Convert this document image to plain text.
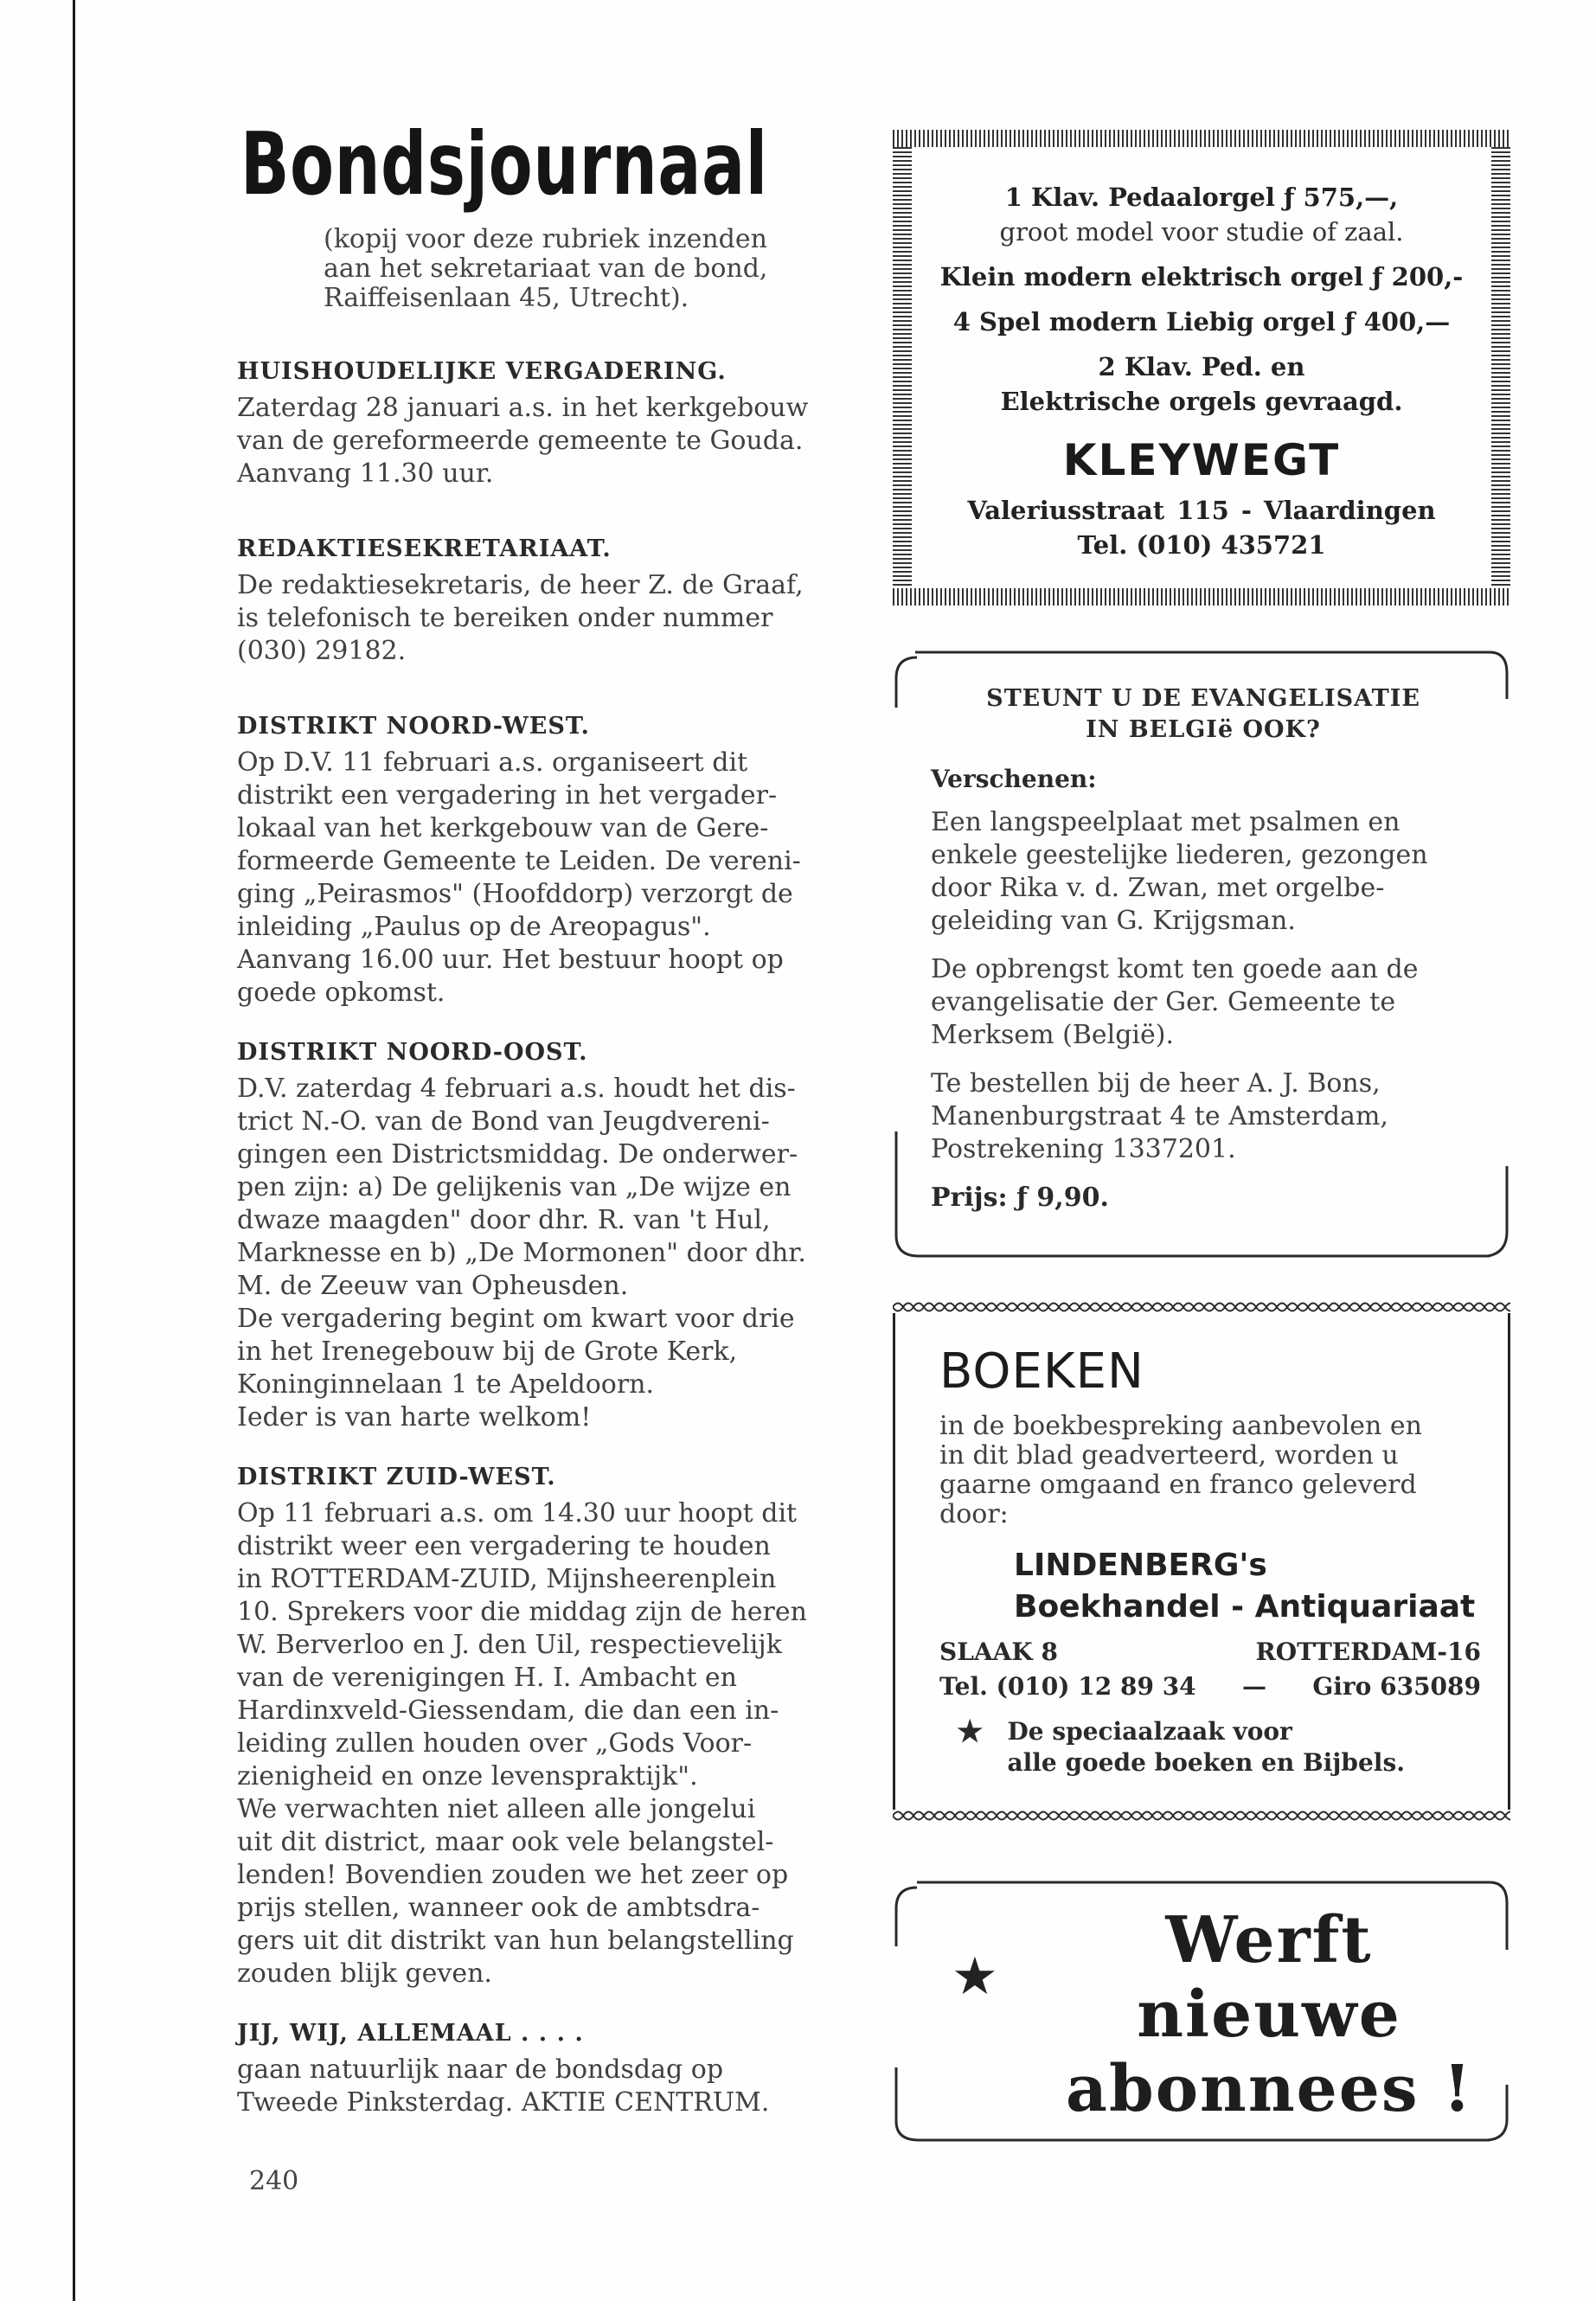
Bondsjournaal

(kopij voor deze rubriek inzenden

aan het sekretariaat van de bond,

Raiffeisenlaan 45, Utrecht).

HUISHOUDELIJKE VERGADERING.

Zaterdag 28 januari a.s. in het kerkgebouw

van de gereformeerde gemeente te Gouda.

Aanvang 11.30 uur.

REDAKTIESEKRETARIAAT.

De redaktiesekretaris, de heer Z. de Graaf,

is telefonisch te bereiken onder nummer

(030) 29182.

DISTRIKT NOORD-WEST.

Op D.V. 11 februari a.s. organiseert dit

distrikt een vergadering in het vergader-

lokaal van het kerkgebouw van de Gere-

formeerde Gemeente te Leiden. De vereni-

ging „Peirasmos" (Hoofddorp) verzorgt de

inleiding „Paulus op de Areopagus".

Aanvang 16.00 uur. Het bestuur hoopt op

goede opkomst.

DISTRIKT NOORD-OOST.

D.V. zaterdag 4 februari a.s. houdt het dis-

trict N.-O. van de Bond van Jeugdvereni-

gingen een Districtsmiddag. De onderwer-

pen zijn: a) De gelijkenis van „De wijze en

dwaze maagden" door dhr. R. van 't Hul,

Marknesse en b) „De Mormonen" door dhr.

M. de Zeeuw van Opheusden.

De vergadering begint om kwart voor drie

in het Irenegebouw bij de Grote Kerk,

Koninginnelaan 1 te Apeldoorn.

Ieder is van harte welkom!

DISTRIKT ZUID-WEST.

Op 11 februari a.s. om 14.30 uur hoopt dit

distrikt weer een vergadering te houden

in ROTTERDAM-ZUID, Mijnsheerenplein

10. Sprekers voor die middag zijn de heren

W. Berverloo en J. den Uil, respectievelijk

van de verenigingen H. I. Ambacht en

Hardinxveld-Giessendam, die dan een in-

leiding zullen houden over „Gods Voor-

zienigheid en onze levenspraktijk".

We verwachten niet alleen alle jongelui

uit dit district, maar ook vele belangstel-

lenden! Bovendien zouden we het zeer op

prijs stellen, wanneer ook de ambtsdra-

gers uit dit distrikt van hun belangstelling

zouden blijk geven.

JIJ, WIJ, ALLEMAAL . . . .

gaan natuurlijk naar de bondsdag op

Tweede Pinksterdag. AKTIE CENTRUM.

240

1 Klav. Pedaalorgel ƒ 575,—,

groot model voor studie of zaal.

Klein modern elektrisch orgel ƒ 200,-

4 Spel modern Liebig orgel ƒ 400,—

2 Klav. Ped. en

Elektrische orgels gevraagd.

KLEYWEGT

Valeriusstraat 115 - Vlaardingen

Tel. (010) 435721

STEUNT U DE EVANGELISATIE
IN BELGIë OOK?
Verschenen:
Een langspeelplaat met psalmen en
enkele geestelijke liederen, gezongen
door Rika v. d. Zwan, met orgelbe-
geleiding van G. Krijgsman.
De opbrengst komt ten goede aan de
evangelisatie der Ger. Gemeente te
Merksem (België).
Te bestellen bij de heer A. J. Bons,
Manenburgstraat 4 te Amsterdam,
Postrekening 1337201.
Prijs: ƒ 9,90.
BOEKEN
in de boekbespreking aanbevolen en
in dit blad geadverteerd, worden u
gaarne omgaand en franco geleverd
door:
LINDENBERG's
Boekhandel - Antiquariaat
SLAAK 8	ROTTERDAM-16
Tel. (010) 12 89 34 — Giro 635089
★ De speciaalzaak voor
alle goede boeken en Bijbels.
★	Werft
nieuwe
abonnees !
